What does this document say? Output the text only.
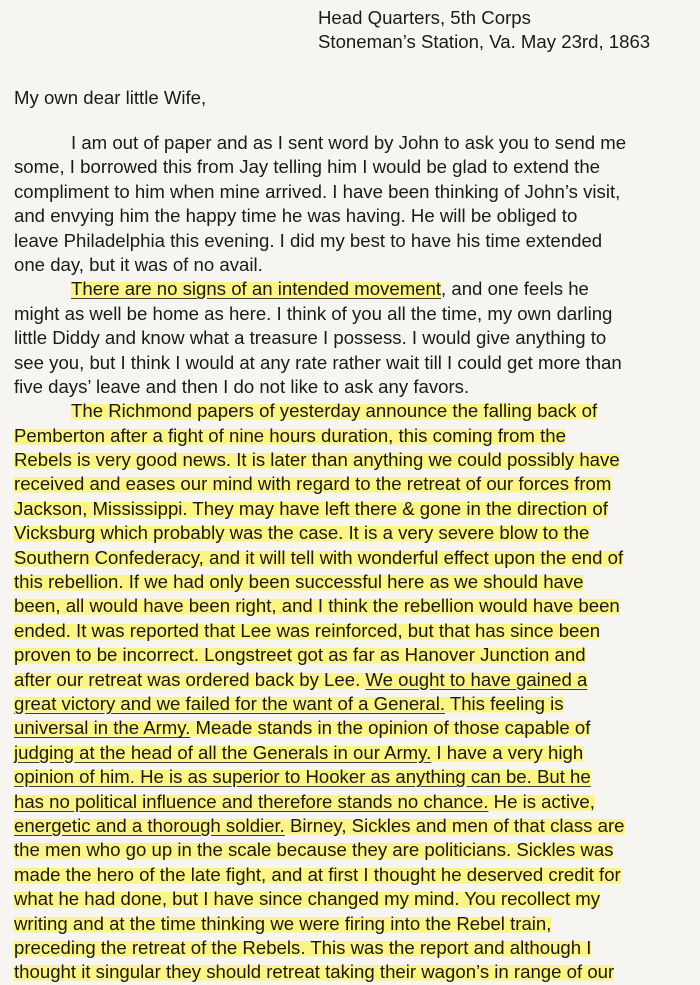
Head Quarters, 5th Corps
Stoneman’s Station, Va. May 23rd, 1863
My own dear little Wife,
I am out of paper and as I sent word by John to ask you to send me
some, I borrowed this from Jay telling him I would be glad to extend the
compliment to him when mine arrived. I have been thinking of John’s visit,
and envying him the happy time he was having. He will be obliged to
leave Philadelphia this evening. I did my best to have his time extended
one day, but it was of no avail.
There are no signs of an intended movement, and one feels he
might as well be home as here. I think of you all the time, my own darling
little Diddy and know what a treasure I possess. I would give anything to
see you, but I think I would at any rate rather wait till I could get more than
five days’ leave and then I do not like to ask any favors.
The Richmond papers of yesterday announce the falling back of
Pemberton after a fight of nine hours duration, this coming from the
Rebels is very good news. It is later than anything we could possibly have
received and eases our mind with regard to the retreat of our forces from
Jackson, Mississippi. They may have left there & gone in the direction of
Vicksburg which probably was the case. It is a very severe blow to the
Southern Confederacy, and it will tell with wonderful effect upon the end of
this rebellion. If we had only been successful here as we should have
been, all would have been right, and I think the rebellion would have been
ended. It was reported that Lee was reinforced, but that has since been
proven to be incorrect. Longstreet got as far as Hanover Junction and
after our retreat was ordered back by Lee. We ought to have gained a
great victory and we failed for the want of a General. This feeling is
universal in the Army. Meade stands in the opinion of those capable of
judging at the head of all the Generals in our Army. I have a very high
opinion of him. He is as superior to Hooker as anything can be. But he
has no political influence and therefore stands no chance. He is active,
energetic and a thorough soldier. Birney, Sickles and men of that class are
the men who go up in the scale because they are politicians. Sickles was
made the hero of the late fight, and at first I thought he deserved credit for
what he had done, but I have since changed my mind. You recollect my
writing and at the time thinking we were firing into the Rebel train,
preceding the retreat of the Rebels. This was the report and although I
thought it singular they should retreat taking their wagon’s in range of our
